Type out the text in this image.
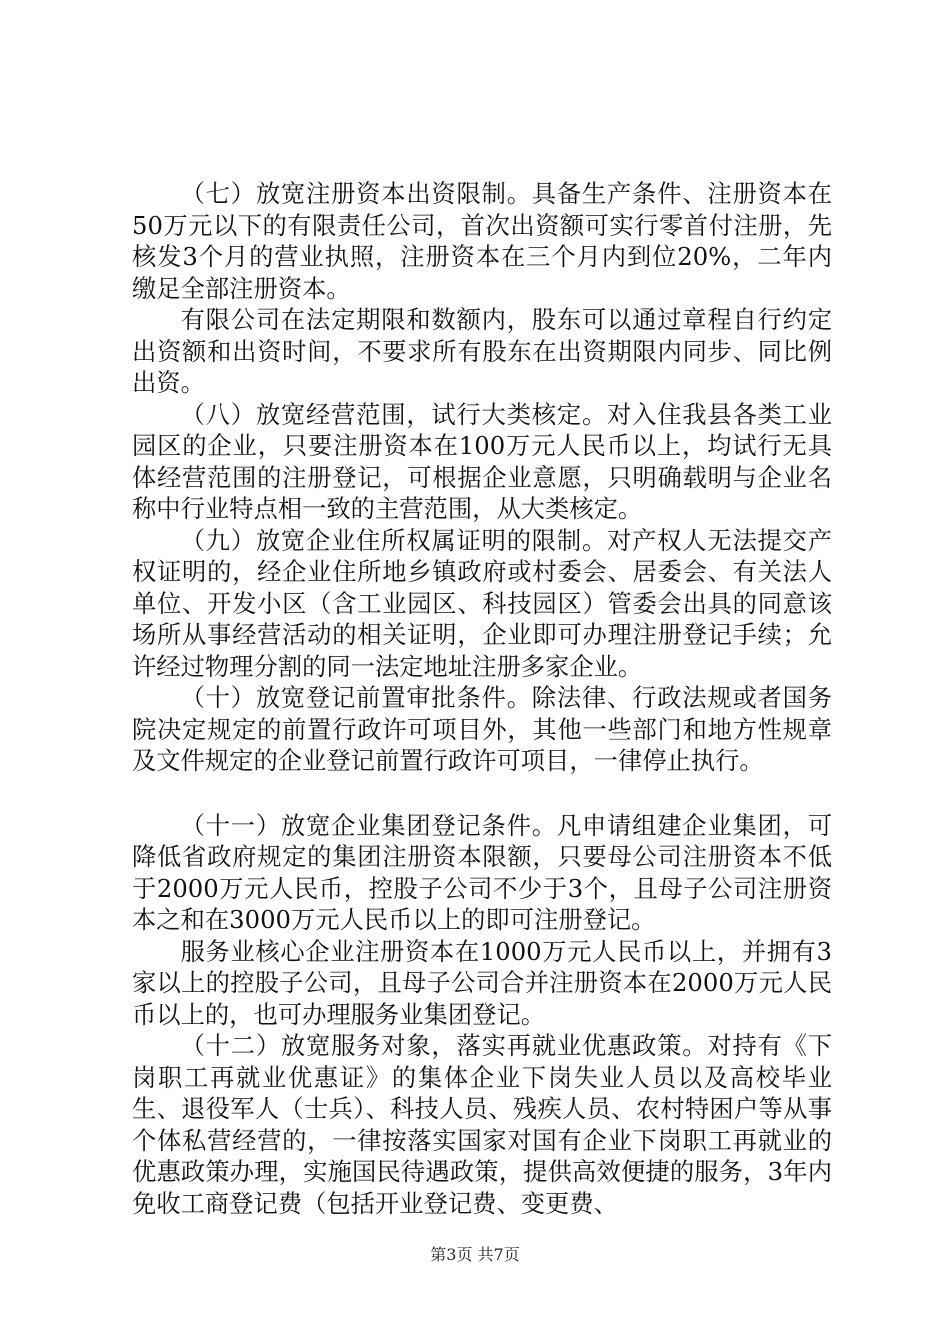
（七）放宽注册资本出资限制。具备生产条件、注册资本在50万元以下的有限责任公司，首次出资额可实行零首付注册，先核发3个月的营业执照，注册资本在三个月内到位20%，二年内缴足全部注册资本。

有限公司在法定期限和数额内，股东可以通过章程自行约定出资额和出资时间，不要求所有股东在出资期限内同步、同比例出资。

（八）放宽经营范围，试行大类核定。对入住我县各类工业园区的企业，只要注册资本在100万元人民币以上，均试行无具体经营范围的注册登记，可根据企业意愿，只明确载明与企业名称中行业特点相一致的主营范围，从大类核定。

（九）放宽企业住所权属证明的限制。对产权人无法提交产权证明的，经企业住所地乡镇政府或村委会、居委会、有关法人单位、开发小区（含工业园区、科技园区）管委会出具的同意该场所从事经营活动的相关证明，企业即可办理注册登记手续；允许经过物理分割的同一法定地址注册多家企业。

（十）放宽登记前置审批条件。除法律、行政法规或者国务院决定规定的前置行政许可项目外，其他一些部门和地方性规章及文件规定的企业登记前置行政许可项目，一律停止执行。

（十一）放宽企业集团登记条件。凡申请组建企业集团，可降低省政府规定的集团注册资本限额，只要母公司注册资本不低于2000万元人民币，控股子公司不少于3个，且母子公司注册资本之和在3000万元人民币以上的即可注册登记。

服务业核心企业注册资本在1000万元人民币以上，并拥有3家以上的控股子公司，且母子公司合并注册资本在2000万元人民币以上的，也可办理服务业集团登记。

（十二）放宽服务对象，落实再就业优惠政策。对持有《下岗职工再就业优惠证》的集体企业下岗失业人员以及高校毕业生、退役军人（士兵）、科技人员、残疾人员、农村特困户等从事个体私营经营的，一律按落实国家对国有企业下岗职工再就业的优惠政策办理，实施国民待遇政策，提供高效便捷的服务，3年内免收工商登记费（包括开业登记费、变更费、

第3页 共7页
